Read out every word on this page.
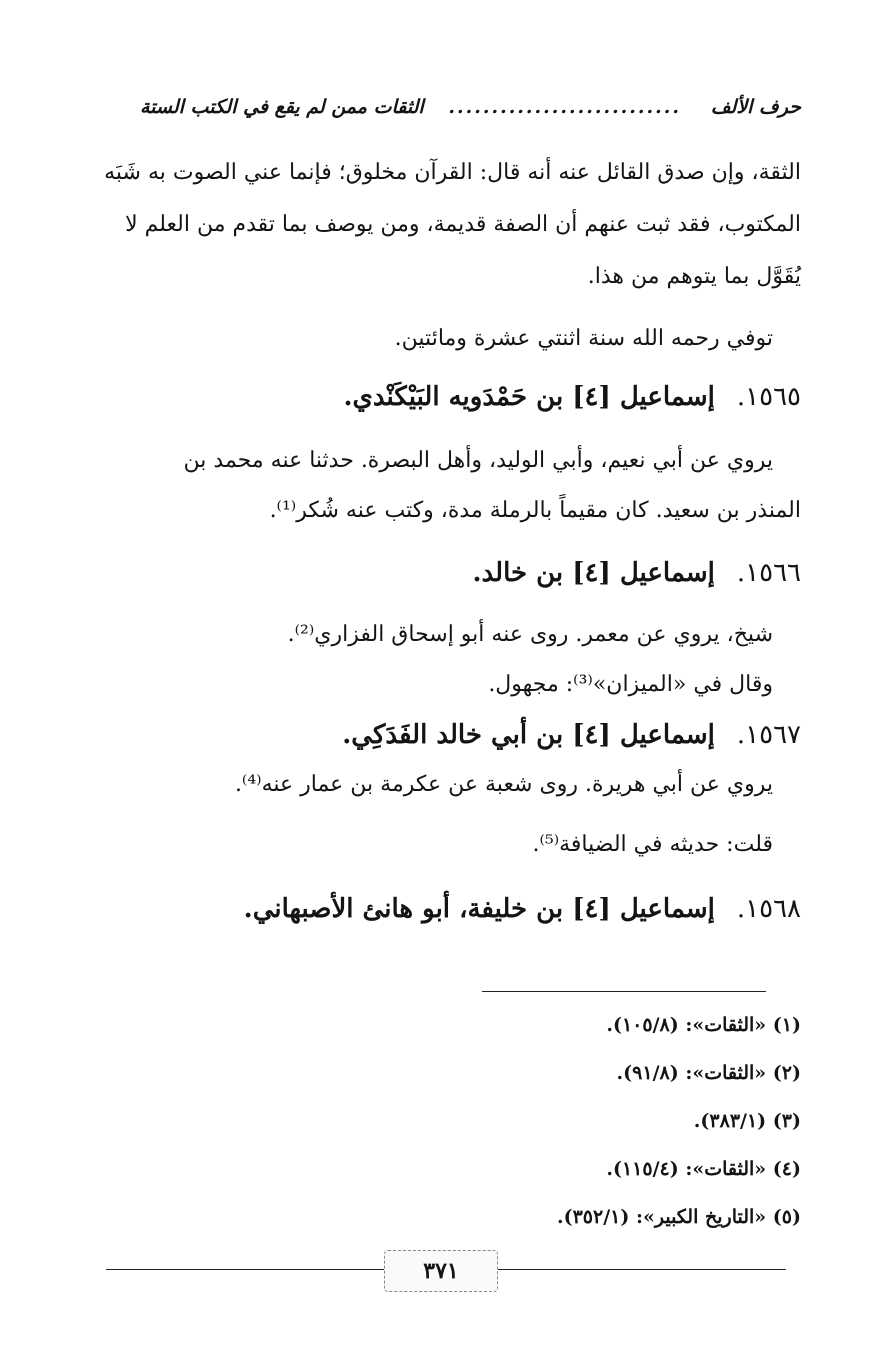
حرف الألف
...........................
الثقات ممن لم يقع في الكتب الستة
الثقة، وإن صدق القائل عنه أنه قال: القرآن مخلوق؛ فإنما عني الصوت به شَبَه
المكتوب، فقد ثبت عنهم أن الصفة قديمة، ومن يوصف بما تقدم من العلم لا
يُقَوَّل بما يتوهم من هذا.
توفي رحمه الله سنة اثنتي عشرة ومائتين.
١٥٦٥.إسماعيل [٤] بن حَمْدَويه البَيْكَنْدي.
يروي عن أبي نعيم، وأبي الوليد، وأهل البصرة. حدثنا عنه محمد بن
المنذر بن سعيد. كان مقيماً بالرملة مدة، وكتب عنه شُكر⁽¹⁾.
١٥٦٦.إسماعيل [٤] بن خالد.
شيخ، يروي عن معمر. روى عنه أبو إسحاق الفزاري⁽²⁾.
وقال في «الميزان»⁽³⁾: مجهول.
١٥٦٧.إسماعيل [٤] بن أبي خالد الفَدَكِي.
يروي عن أبي هريرة. روى شعبة عن عكرمة بن عمار عنه⁽⁴⁾.
قلت: حديثه في الضيافة⁽⁵⁾.
١٥٦٨.إسماعيل [٤] بن خليفة، أبو هانئ الأصبهاني.
(١) «الثقات»: (١٠٥/٨).
(٢) «الثقات»: (٩١/٨).
(٣) (٣٨٣/١).
(٤) «الثقات»: (١١٥/٤).
(٥) «التاريخ الكبير»: (٣٥٢/١).
٣٧١
